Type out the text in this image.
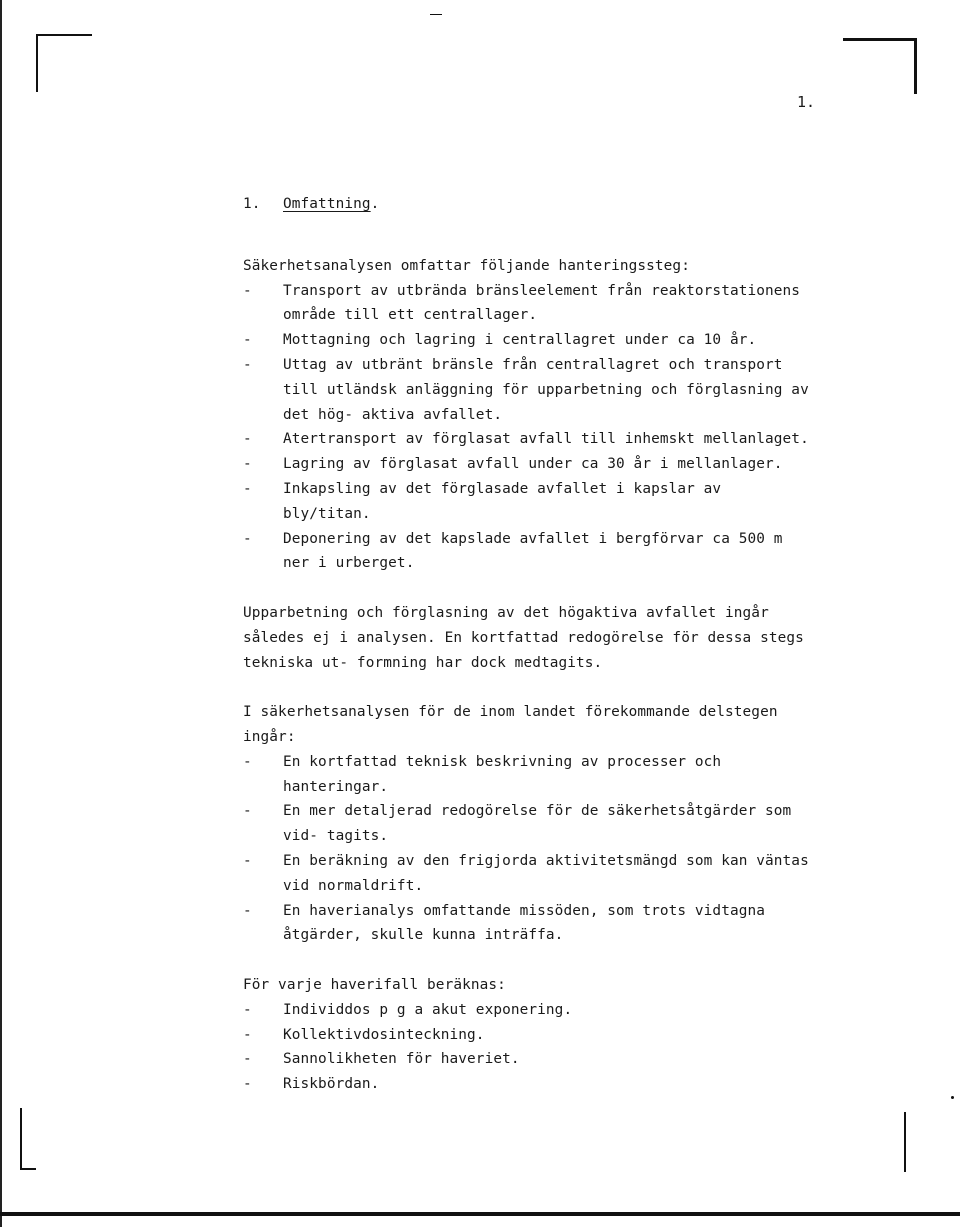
1.
1. Omfattning.

Säkerhetsanalysen omfattar följande hanteringssteg:

- Transport av utbrända bränsleelement från reaktorstationens område till ett centrallager.
- Mottagning och lagring i centrallagret under ca 10 år.
- Uttag av utbränt bränsle från centrallagret och transport till utländsk anläggning för upparbetning och förglasning av det hög- aktiva avfallet.
- Atertransport av förglasat avfall till inhemskt mellanlaget.
- Lagring av förglasat avfall under ca 30 år i mellanlager.
- Inkapsling av det förglasade avfallet i kapslar av bly/titan.
- Deponering av det kapslade avfallet i bergförvar ca 500 m ner i urberget.

Upparbetning och förglasning av det högaktiva avfallet ingår således ej i analysen. En kortfattad redogörelse för dessa stegs tekniska ut- formning har dock medtagits.

I säkerhetsanalysen för de inom landet förekommande delstegen ingår:

- En kortfattad teknisk beskrivning av processer och hanteringar.
- En mer detaljerad redogörelse för de säkerhetsåtgärder som vid- tagits.
- En beräkning av den frigjorda aktivitetsmängd som kan väntas vid normaldrift.
- En haverianalys omfattande missöden, som trots vidtagna åtgärder, skulle kunna inträffa.

För varje haverifall beräknas:

- Individdos p g a akut exponering.
- Kollektivdosinteckning.
- Sannolikheten för haveriet.
- Riskbördan.
